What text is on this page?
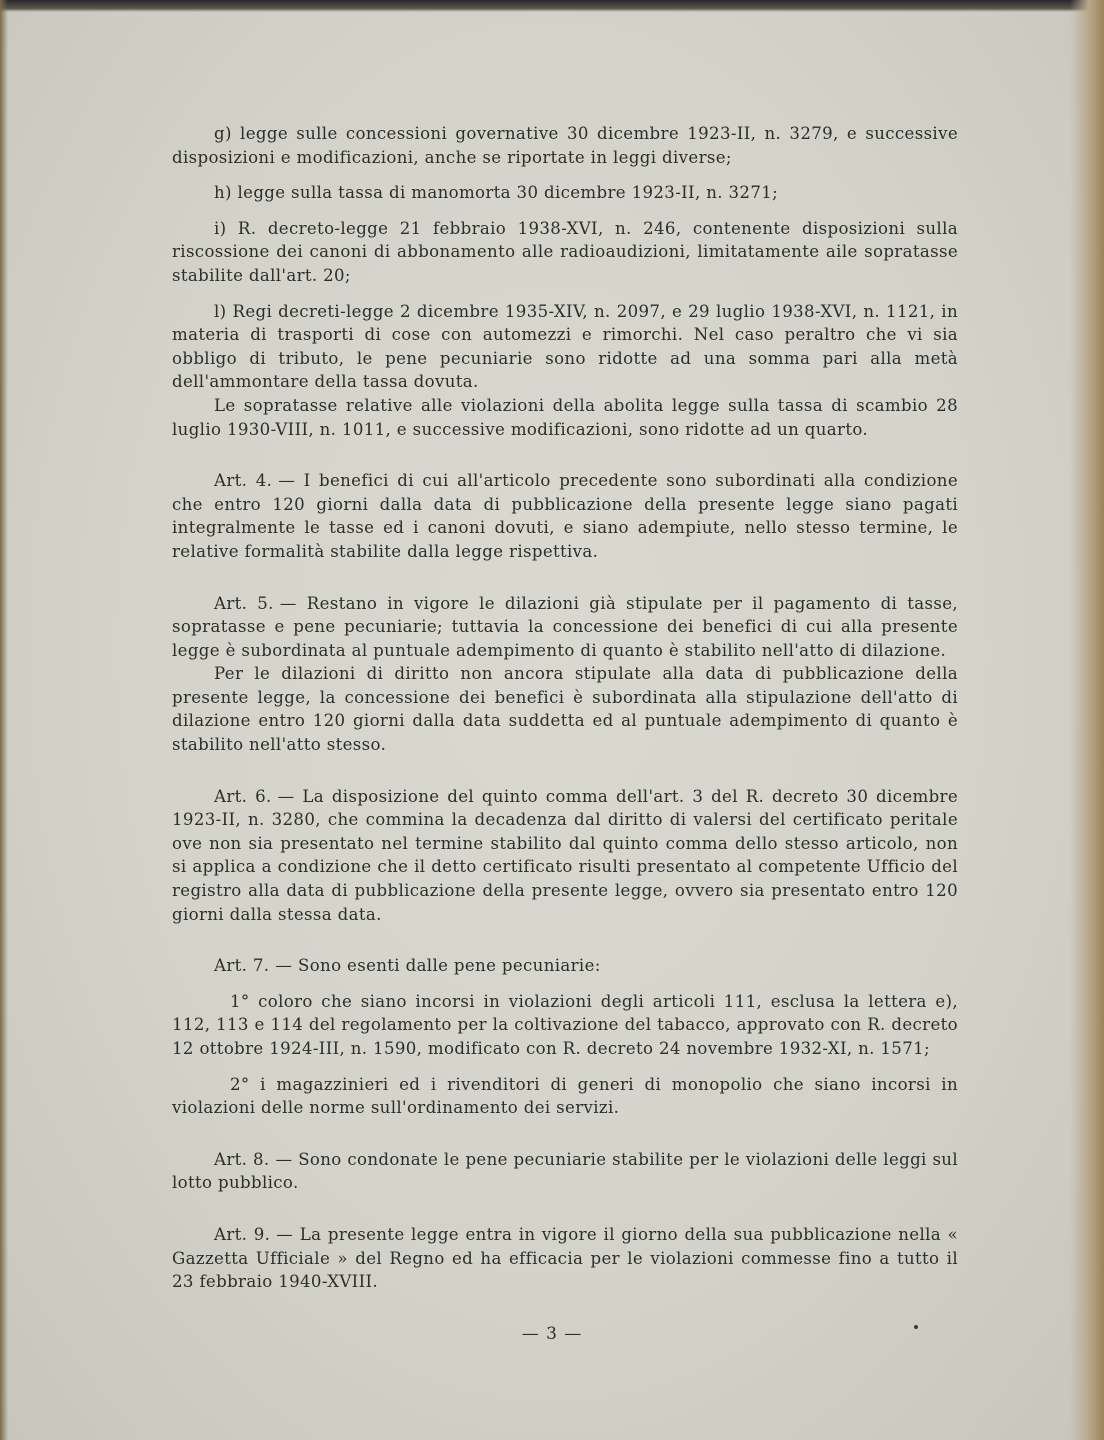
g) legge sulle concessioni governative 30 dicembre 1923-II, n. 3279, e successive disposizioni e modificazioni, anche se riportate in leggi diverse;

h) legge sulla tassa di manomorta 30 dicembre 1923-II, n. 3271;

i) R. decreto-legge 21 febbraio 1938-XVI, n. 246, contenente disposizioni sulla riscossione dei canoni di abbonamento alle radioaudizioni, limitatamente aile sopratasse stabilite dall'art. 20;

l) Regi decreti-legge 2 dicembre 1935-XIV, n. 2097, e 29 luglio 1938-XVI, n. 1121, in materia di trasporti di cose con automezzi e rimorchi. Nel caso peraltro che vi sia obbligo di tributo, le pene pecuniarie sono ridotte ad una somma pari alla metà dell'ammontare della tassa dovuta.

Le sopratasse relative alle violazioni della abolita legge sulla tassa di scambio 28 luglio 1930-VIII, n. 1011, e successive modificazioni, sono ridotte ad un quarto.

Art. 4. — I benefici di cui all'articolo precedente sono subordinati alla condizione che entro 120 giorni dalla data di pubblicazione della presente legge siano pagati integralmente le tasse ed i canoni dovuti, e siano adempiute, nello stesso termine, le relative formalità stabilite dalla legge rispettiva.

Art. 5. — Restano in vigore le dilazioni già stipulate per il pagamento di tasse, sopratasse e pene pecuniarie; tuttavia la concessione dei benefici di cui alla presente legge è subordinata al puntuale adempimento di quanto è stabilito nell'atto di dilazione.

Per le dilazioni di diritto non ancora stipulate alla data di pubblicazione della presente legge, la concessione dei benefici è subordinata alla stipulazione dell'atto di dilazione entro 120 giorni dalla data suddetta ed al puntuale adempimento di quanto è stabilito nell'atto stesso.

Art. 6. — La disposizione del quinto comma dell'art. 3 del R. decreto 30 dicembre 1923-II, n. 3280, che commina la decadenza dal diritto di valersi del certificato peritale ove non sia presentato nel termine stabilito dal quinto comma dello stesso articolo, non si applica a condizione che il detto certificato risulti presentato al competente Ufficio del registro alla data di pubblicazione della presente legge, ovvero sia presentato entro 120 giorni dalla stessa data.

Art. 7. — Sono esenti dalle pene pecuniarie:

1° coloro che siano incorsi in violazioni degli articoli 111, esclusa la lettera e), 112, 113 e 114 del regolamento per la coltivazione del tabacco, approvato con R. decreto 12 ottobre 1924-III, n. 1590, modificato con R. decreto 24 novembre 1932-XI, n. 1571;

2° i magazzinieri ed i rivenditori di generi di monopolio che siano incorsi in violazioni delle norme sull'ordinamento dei servizi.

Art. 8. — Sono condonate le pene pecuniarie stabilite per le violazioni delle leggi sul lotto pubblico.

Art. 9. — La presente legge entra in vigore il giorno della sua pubblicazione nella « Gazzetta Ufficiale » del Regno ed ha efficacia per le violazioni commesse fino a tutto il 23 febbraio 1940-XVIII.

— 3 —
